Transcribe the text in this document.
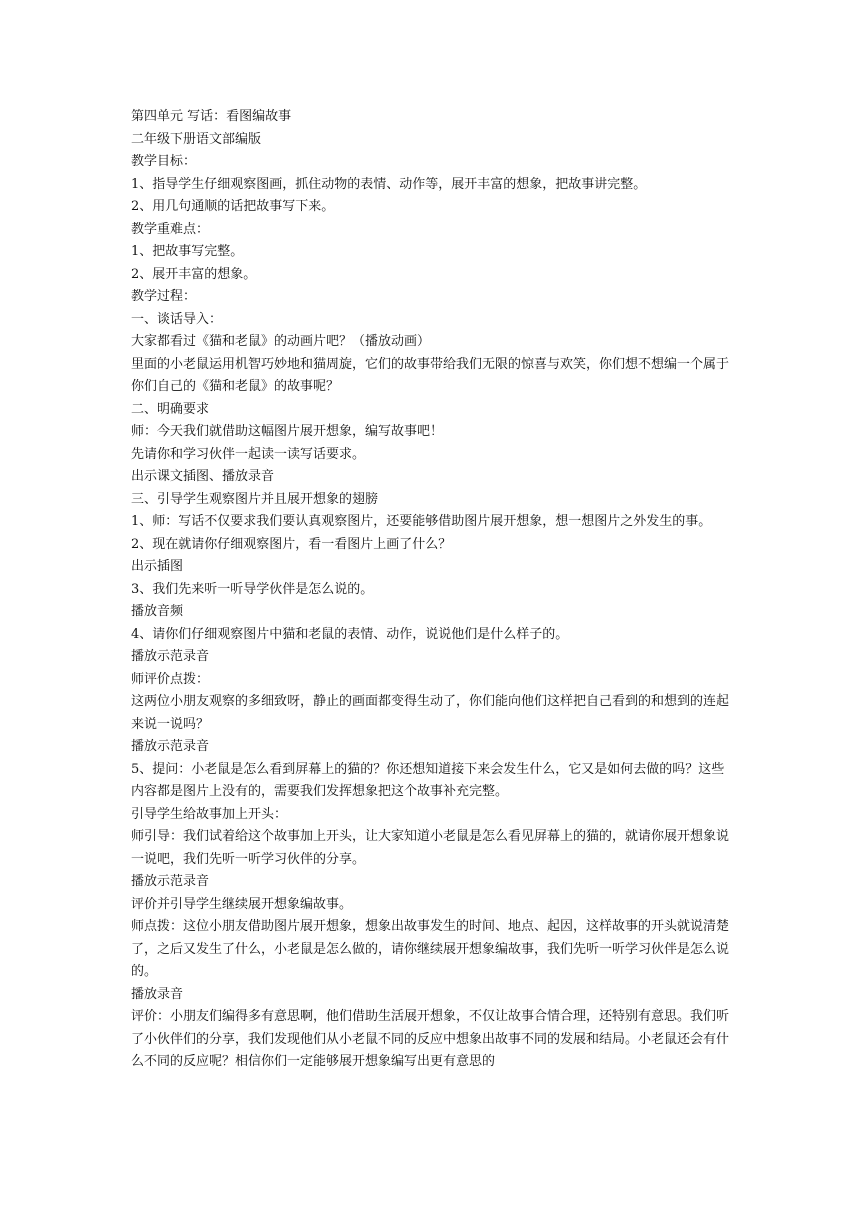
第四单元 写话：看图编故事
二年级下册语文部编版
教学目标：
1、指导学生仔细观察图画，抓住动物的表情、动作等，展开丰富的想象，把故事讲完整。
2、用几句通顺的话把故事写下来。
教学重难点：
1、把故事写完整。
2、展开丰富的想象。
教学过程：
一、谈话导入：
大家都看过《猫和老鼠》的动画片吧？（播放动画）
里面的小老鼠运用机智巧妙地和猫周旋，它们的故事带给我们无限的惊喜与欢笑，你们想不想编一个属于你们自己的《猫和老鼠》的故事呢？
二、明确要求
师：今天我们就借助这幅图片展开想象，编写故事吧！
先请你和学习伙伴一起读一读写话要求。
出示课文插图、播放录音
三、引导学生观察图片并且展开想象的翅膀
1、师：写话不仅要求我们要认真观察图片，还要能够借助图片展开想象，想一想图片之外发生的事。
2、现在就请你仔细观察图片，看一看图片上画了什么？
出示插图
3、我们先来听一听导学伙伴是怎么说的。
播放音频
4、请你们仔细观察图片中猫和老鼠的表情、动作，说说他们是什么样子的。
播放示范录音
师评价点拨：
这两位小朋友观察的多细致呀，静止的画面都变得生动了，你们能向他们这样把自己看到的和想到的连起来说一说吗？
播放示范录音
5、提问：小老鼠是怎么看到屏幕上的猫的？你还想知道接下来会发生什么，它又是如何去做的吗？这些内容都是图片上没有的，需要我们发挥想象把这个故事补充完整。
引导学生给故事加上开头：
师引导：我们试着给这个故事加上开头，让大家知道小老鼠是怎么看见屏幕上的猫的，就请你展开想象说一说吧，我们先听一听学习伙伴的分享。
播放示范录音
评价并引导学生继续展开想象编故事。
师点拨：这位小朋友借助图片展开想象，想象出故事发生的时间、地点、起因，这样故事的开头就说清楚了，之后又发生了什么，小老鼠是怎么做的，请你继续展开想象编故事，我们先听一听学习伙伴是怎么说的。
播放录音
评价：小朋友们编得多有意思啊，他们借助生活展开想象，不仅让故事合情合理，还特别有意思。我们听了小伙伴们的分享，我们发现他们从小老鼠不同的反应中想象出故事不同的发展和结局。小老鼠还会有什么不同的反应呢？相信你们一定能够展开想象编写出更有意思的
